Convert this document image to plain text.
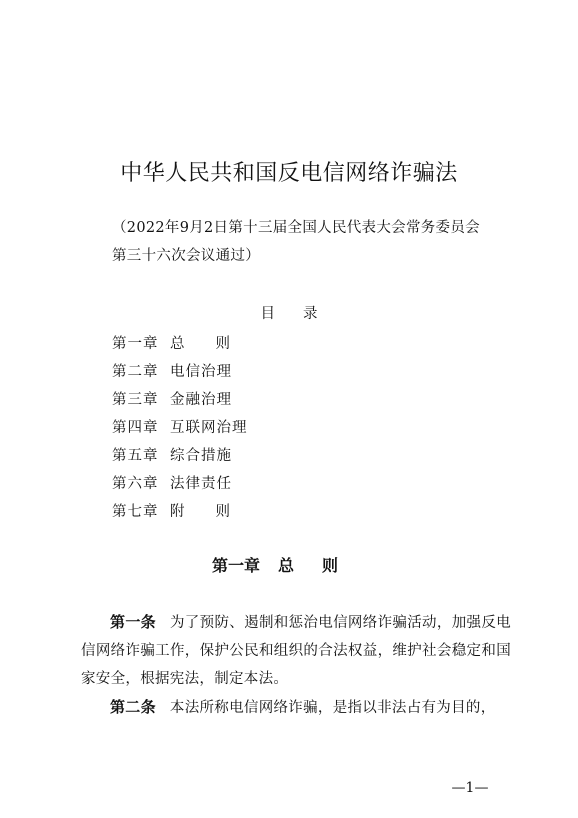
中华人民共和国反电信网络诈骗法
（2022年9月2日第十三届全国人民代表大会常务委员会第三十六次会议通过）
目 录
第一章 总则
第二章 电信治理
第三章 金融治理
第四章 互联网治理
第五章 综合措施
第六章 法律责任
第七章 附则
第一章 总则

第一条 为了预防、遏制和惩治电信网络诈骗活动，加强反电信网络诈骗工作，保护公民和组织的合法权益，维护社会稳定和国家安全，根据宪法，制定本法。

第二条 本法所称电信网络诈骗，是指以非法占有为目的，

—1—
